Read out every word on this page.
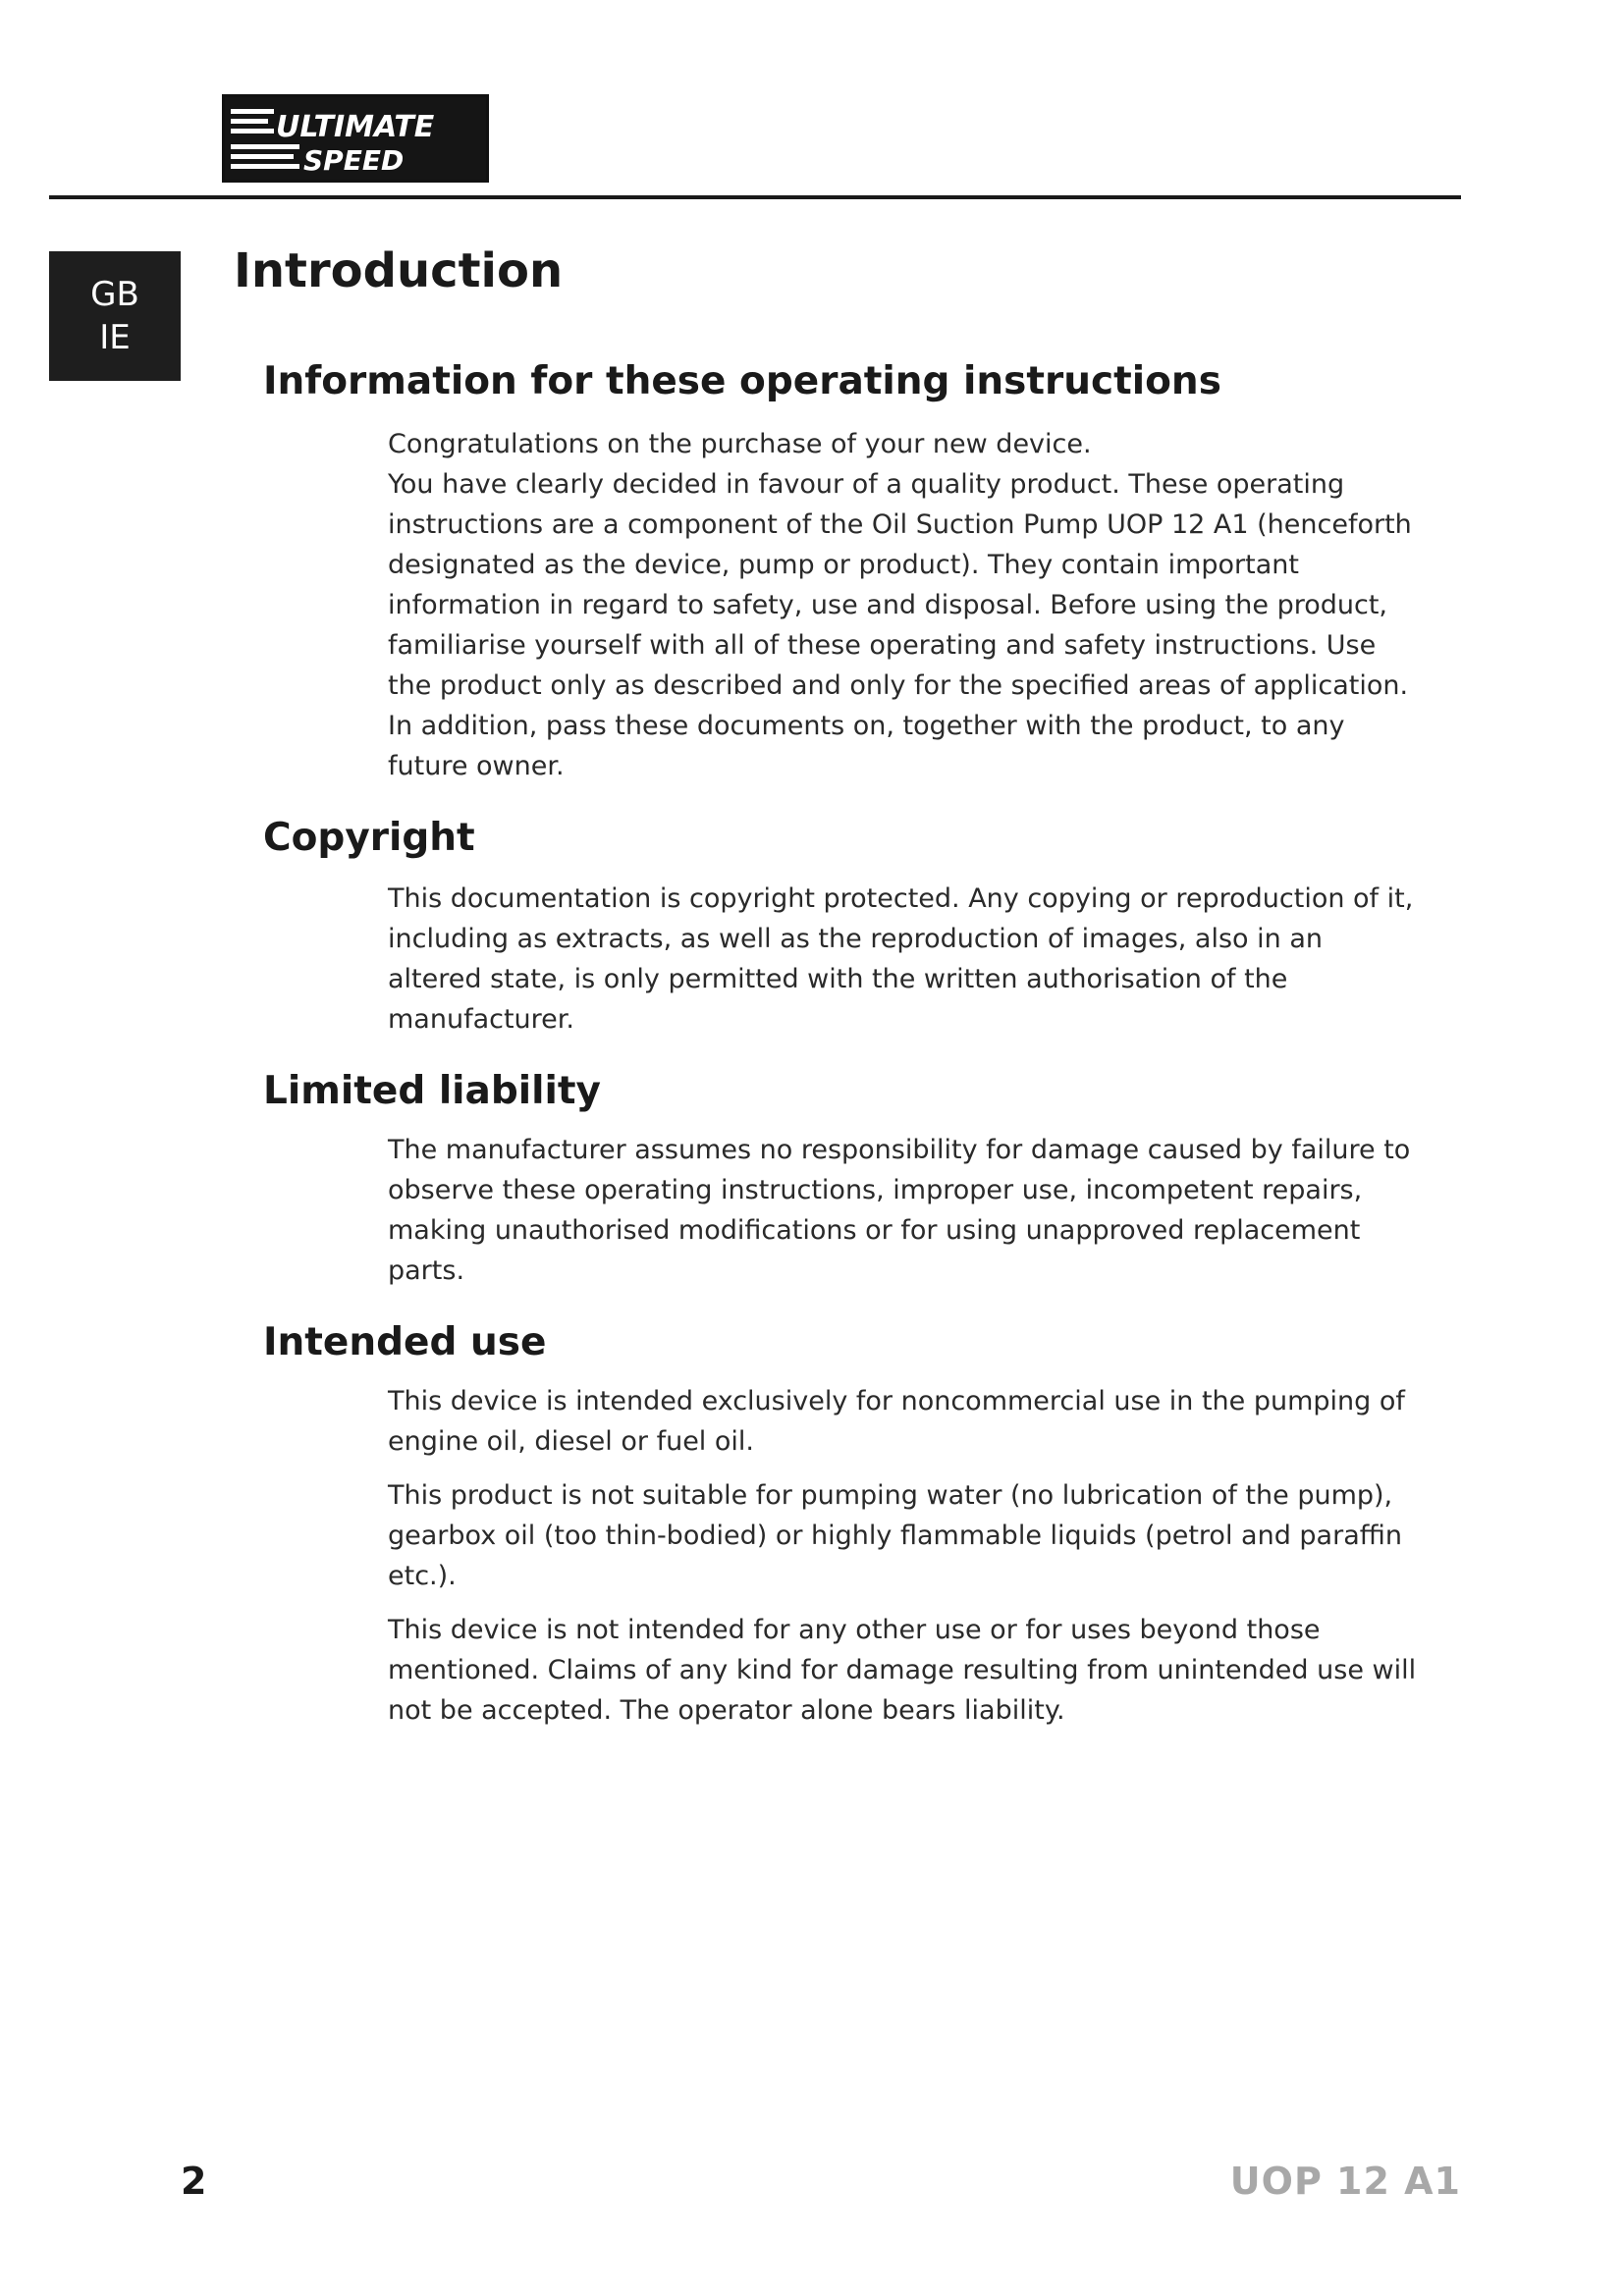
ULTIMATE
SPEED
GB
IE
Introduction
Information for these operating instructions

Congratulations on the purchase of your new device.

You have clearly decided in favour of a quality product. These operating instructions are a component of the Oil Suction Pump UOP 12 A1 (henceforth designated as the device, pump or product). They contain important information in regard to safety, use and disposal. Before using the product, familiarise yourself with all of these operating and safety instructions. Use the product only as described and only for the specified areas of application. In addition, pass these documents on, together with the product, to any future owner.

Copyright

This documentation is copyright protected. Any copying or reproduction of it, including as extracts, as well as the reproduction of images, also in an altered state, is only permitted with the written authorisation of the manufacturer.

Limited liability

The manufacturer assumes no responsibility for damage caused by failure to observe these operating instructions, improper use, incompetent repairs, making unauthorised modifications or for using unapproved replacement parts.

Intended use

This device is intended exclusively for noncommercial use in the pumping of engine oil, diesel or fuel oil.

This product is not suitable for pumping water (no lubrication of the pump), gearbox oil (too thin-bodied) or highly flammable liquids (petrol and paraffin etc.).

This device is not intended for any other use or for uses beyond those mentioned. Claims of any kind for damage resulting from unintended use will not be accepted. The operator alone bears liability.

2	UOP 12 A1
